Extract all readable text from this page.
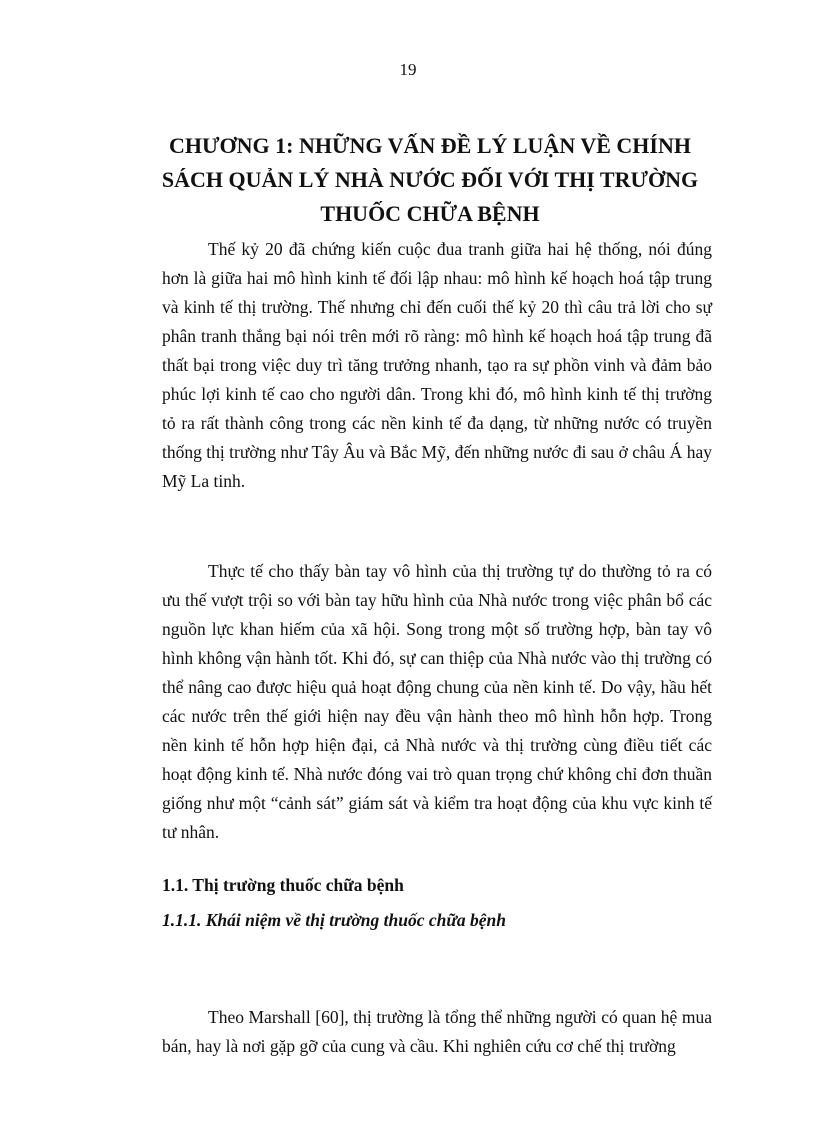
19
CHƯƠNG 1: NHỮNG VẤN ĐỀ LÝ LUẬN VỀ CHÍNH SÁCH QUẢN LÝ NHÀ NƯỚC ĐỐI VỚI THỊ TRƯỜNG THUỐC CHỮA BỆNH

Thế kỷ 20 đã chứng kiến cuộc đua tranh giữa hai hệ thống, nói đúng hơn là giữa hai mô hình kinh tế đối lập nhau: mô hình kế hoạch hoá tập trung và kinh tế thị trường. Thế nhưng chỉ đến cuối thế kỷ 20 thì câu trả lời cho sự phân tranh thắng bại nói trên mới rõ ràng: mô hình kế hoạch hoá tập trung đã thất bại trong việc duy trì tăng trưởng nhanh, tạo ra sự phồn vinh và đảm bảo phúc lợi kinh tế cao cho người dân. Trong khi đó, mô hình kinh tế thị trường tỏ ra rất thành công trong các nền kinh tế đa dạng, từ những nước có truyền thống thị trường như Tây Âu và Bắc Mỹ, đến những nước đi sau ở châu Á hay Mỹ La tinh.

Thực tế cho thấy bàn tay vô hình của thị trường tự do thường tỏ ra có ưu thế vượt trội so với bàn tay hữu hình của Nhà nước trong việc phân bổ các nguồn lực khan hiếm của xã hội. Song trong một số trường hợp, bàn tay vô hình không vận hành tốt. Khi đó, sự can thiệp của Nhà nước vào thị trường có thể nâng cao được hiệu quả hoạt động chung của nền kinh tế. Do vậy, hầu hết các nước trên thế giới hiện nay đều vận hành theo mô hình hỗn hợp. Trong nền kinh tế hỗn hợp hiện đại, cả Nhà nước và thị trường cùng điều tiết các hoạt động kinh tế. Nhà nước đóng vai trò quan trọng chứ không chỉ đơn thuần giống như một “cảnh sát” giám sát và kiểm tra hoạt động của khu vực kinh tế tư nhân.

1.1. Thị trường thuốc chữa bệnh
1.1.1. Khái niệm về thị trường thuốc chữa bệnh

Theo Marshall [60], thị trường là tổng thể những người có quan hệ mua bán, hay là nơi gặp gỡ của cung và cầu. Khi nghiên cứu cơ chế thị trường
